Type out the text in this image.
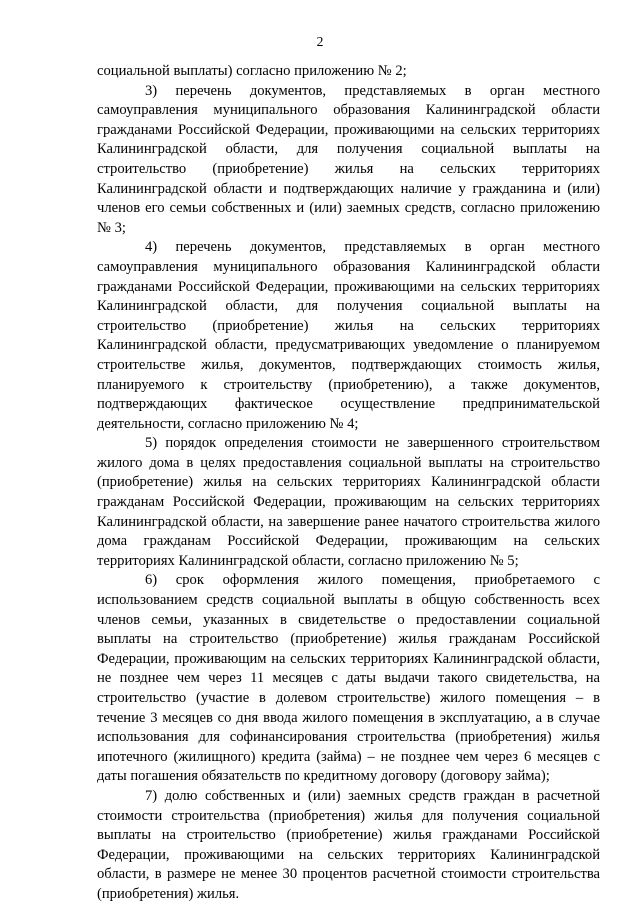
2

социальной выплаты) согласно приложению № 2;

3) перечень документов, представляемых в орган местного самоуправления муниципального образования Калининградской области гражданами Российской Федерации, проживающими на сельских территориях Калининградской области, для получения социальной выплаты на строительство (приобретение) жилья на сельских территориях Калининградской области и подтверждающих наличие у гражданина и (или) членов его семьи собственных и (или) заемных средств, согласно приложению № 3;

4) перечень документов, представляемых в орган местного самоуправления муниципального образования Калининградской области гражданами Российской Федерации, проживающими на сельских территориях Калининградской области, для получения социальной выплаты на строительство (приобретение) жилья на сельских территориях Калининградской области, предусматривающих уведомление о планируемом строительстве жилья, документов, подтверждающих стоимость жилья, планируемого к строительству (приобретению), а также документов, подтверждающих фактическое осуществление предпринимательской деятельности, согласно приложению № 4;

5) порядок определения стоимости не завершенного строительством жилого дома в целях предоставления социальной выплаты на строительство (приобретение) жилья на сельских территориях Калининградской области гражданам Российской Федерации, проживающим на сельских территориях Калининградской области, на завершение ранее начатого строительства жилого дома гражданам Российской Федерации, проживающим на сельских территориях Калининградской области, согласно приложению № 5;

6) срок оформления жилого помещения, приобретаемого с использованием средств социальной выплаты в общую собственность всех членов семьи, указанных в свидетельстве о предоставлении социальной выплаты на строительство (приобретение) жилья гражданам Российской Федерации, проживающим на сельских территориях Калининградской области, не позднее чем через 11 месяцев с даты выдачи такого свидетельства, на строительство (участие в долевом строительстве) жилого помещения – в течение 3 месяцев со дня ввода жилого помещения в эксплуатацию, а в случае использования для софинансирования строительства (приобретения) жилья ипотечного (жилищного) кредита (займа) – не позднее чем через 6 месяцев с даты погашения обязательств по кредитному договору (договору займа);

7) долю собственных и (или) заемных средств граждан в расчетной стоимости строительства (приобретения) жилья для получения социальной выплаты на строительство (приобретение) жилья гражданами Российской Федерации, проживающими на сельских территориях Калининградской области, в размере не менее 30 процентов расчетной стоимости строительства (приобретения) жилья.
